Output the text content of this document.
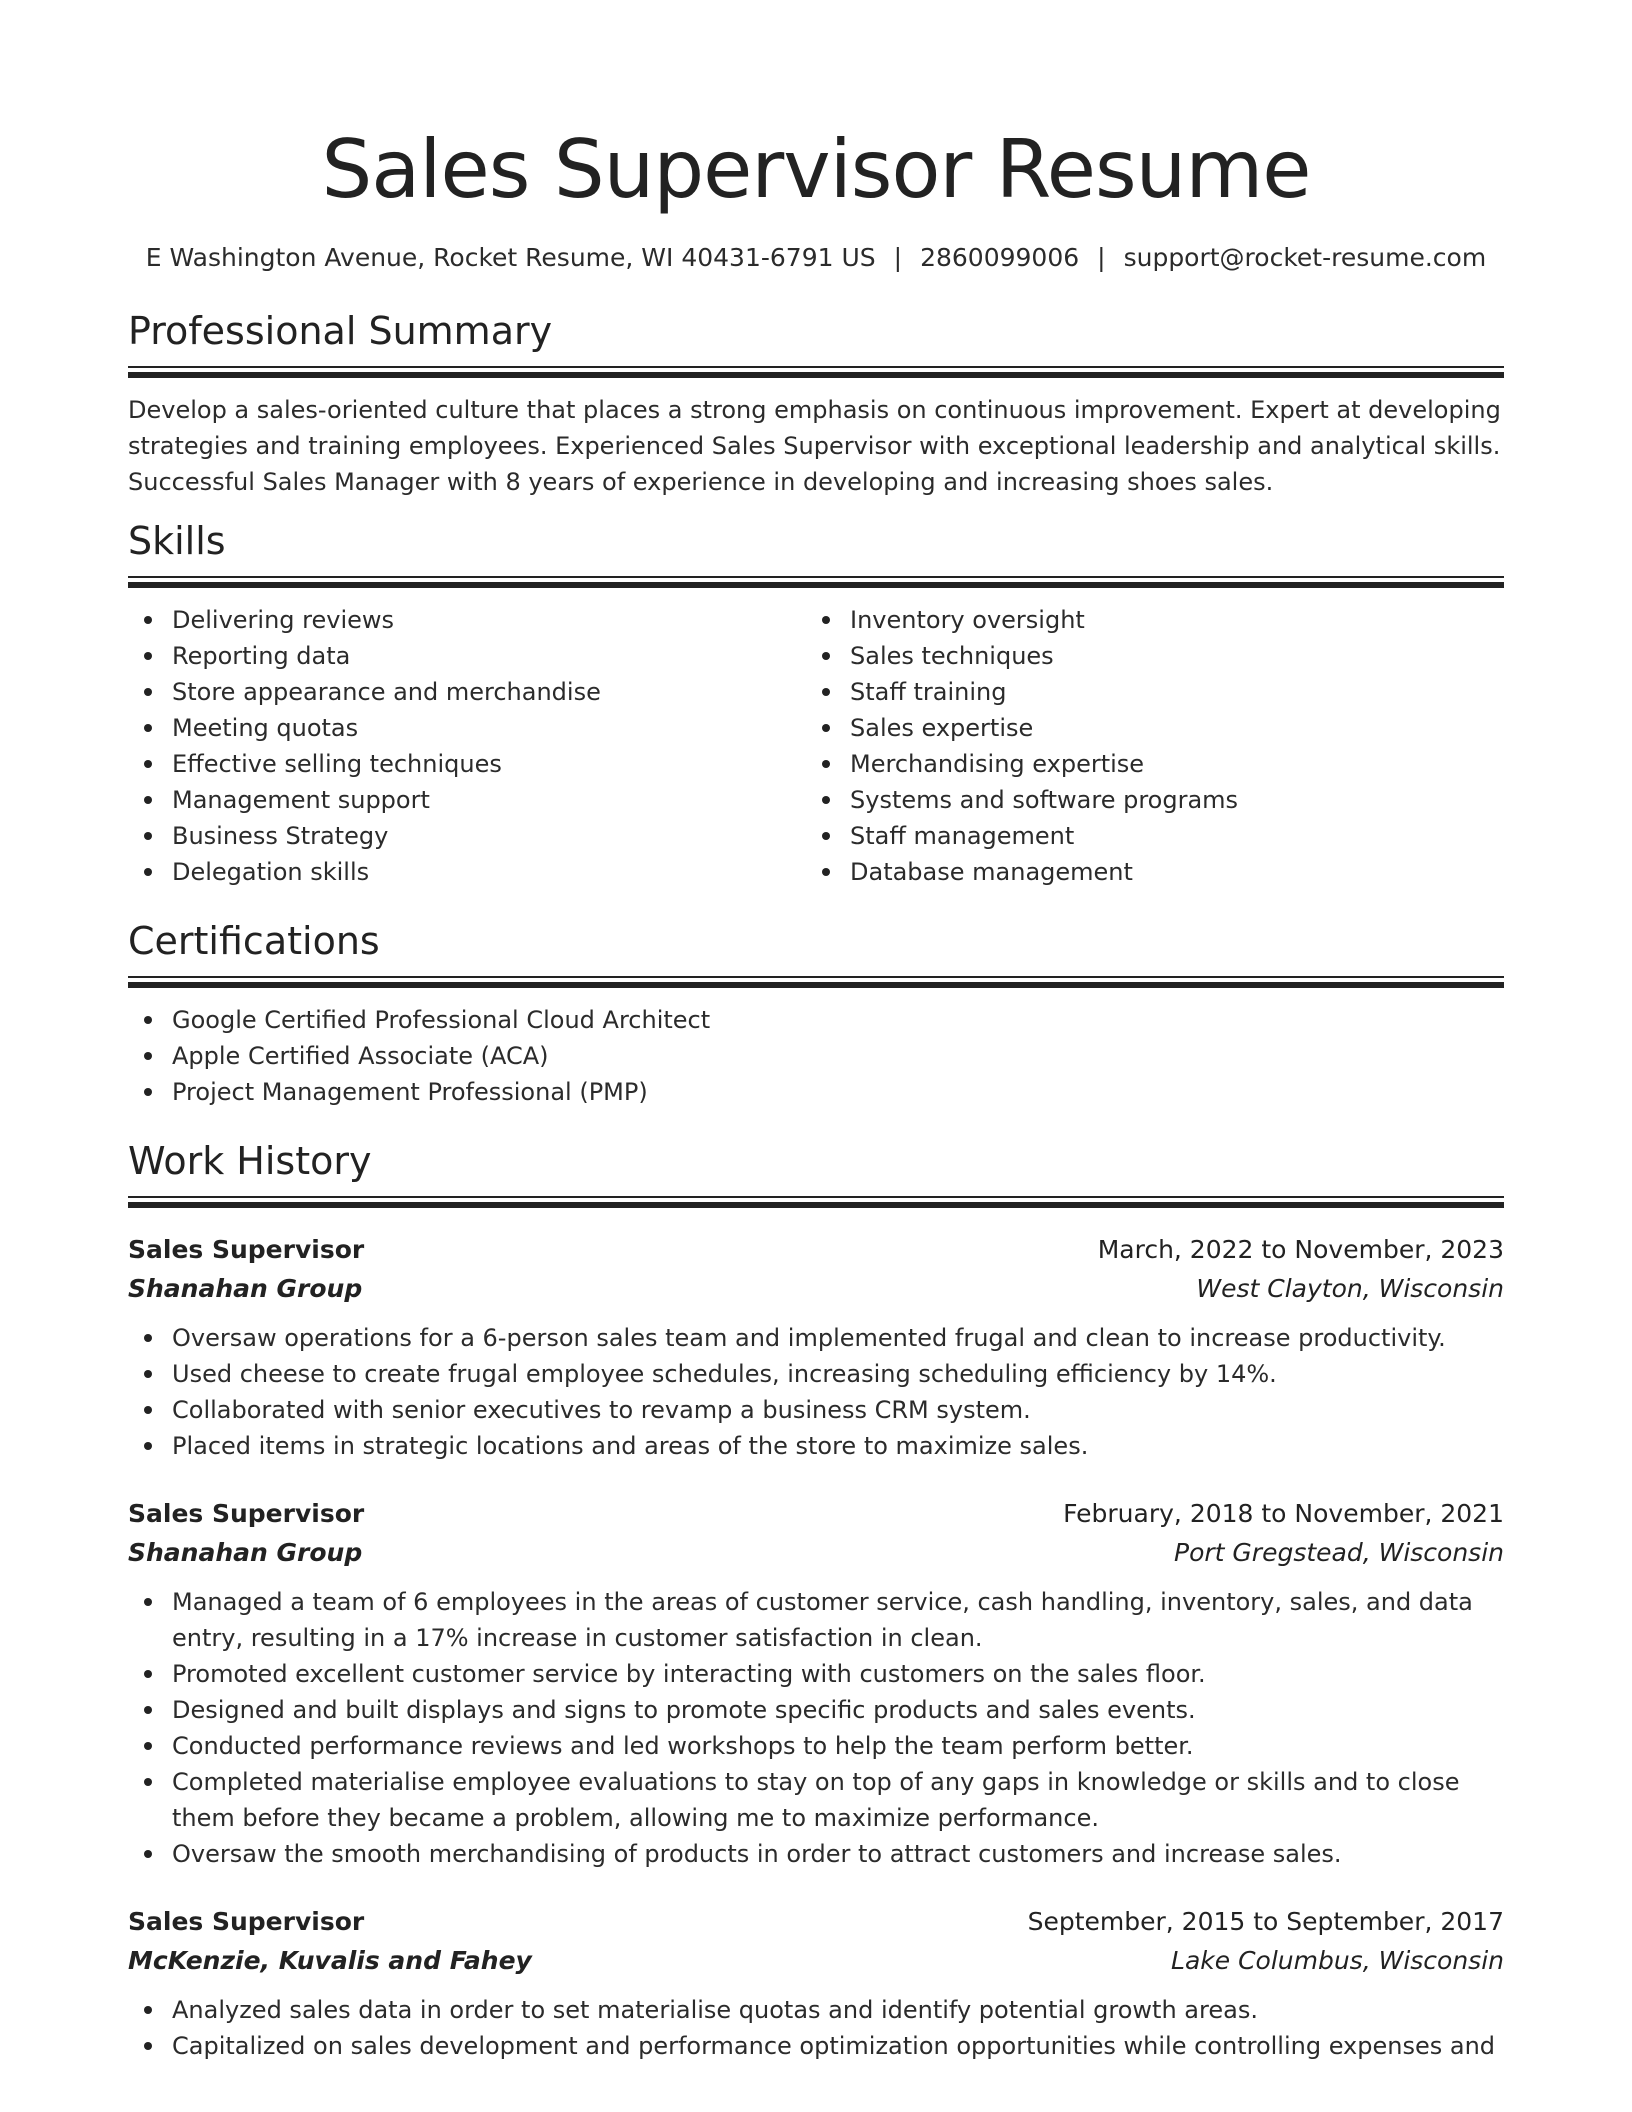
Sales Supervisor Resume
E Washington Avenue, Rocket Resume, WI 40431-6791 US | 2860099006 | support@rocket-resume.com
Professional Summary

Develop a sales-oriented culture that places a strong emphasis on continuous improvement. Expert at developing strategies and training employees. Experienced Sales Supervisor with exceptional leadership and analytical skills. Successful Sales Manager with 8 years of experience in developing and increasing shoes sales.

Skills
Delivering reviews
Reporting data
Store appearance and merchandise
Meeting quotas
Effective selling techniques
Management support
Business Strategy
Delegation skills
Inventory oversight
Sales techniques
Staff training
Sales expertise
Merchandising expertise
Systems and software programs
Staff management
Database management
Certifications
Google Certified Professional Cloud Architect
Apple Certified Associate (ACA)
Project Management Professional (PMP)
Work History
Sales Supervisor	March, 2022 to November, 2023
Shanahan Group	West Clayton, Wisconsin
Oversaw operations for a 6-person sales team and implemented frugal and clean to increase productivity.
Used cheese to create frugal employee schedules, increasing scheduling efficiency by 14%.
Collaborated with senior executives to revamp a business CRM system.
Placed items in strategic locations and areas of the store to maximize sales.
Sales Supervisor	February, 2018 to November, 2021
Shanahan Group	Port Gregstead, Wisconsin
Managed a team of 6 employees in the areas of customer service, cash handling, inventory, sales, and data entry, resulting in a 17% increase in customer satisfaction in clean.
Promoted excellent customer service by interacting with customers on the sales floor.
Designed and built displays and signs to promote specific products and sales events.
Conducted performance reviews and led workshops to help the team perform better.
Completed materialise employee evaluations to stay on top of any gaps in knowledge or skills and to close them before they became a problem, allowing me to maximize performance.
Oversaw the smooth merchandising of products in order to attract customers and increase sales.
Sales Supervisor	September, 2015 to September, 2017
McKenzie, Kuvalis and Fahey	Lake Columbus, Wisconsin
Analyzed sales data in order to set materialise quotas and identify potential growth areas.
Capitalized on sales development and performance optimization opportunities while controlling expenses and
